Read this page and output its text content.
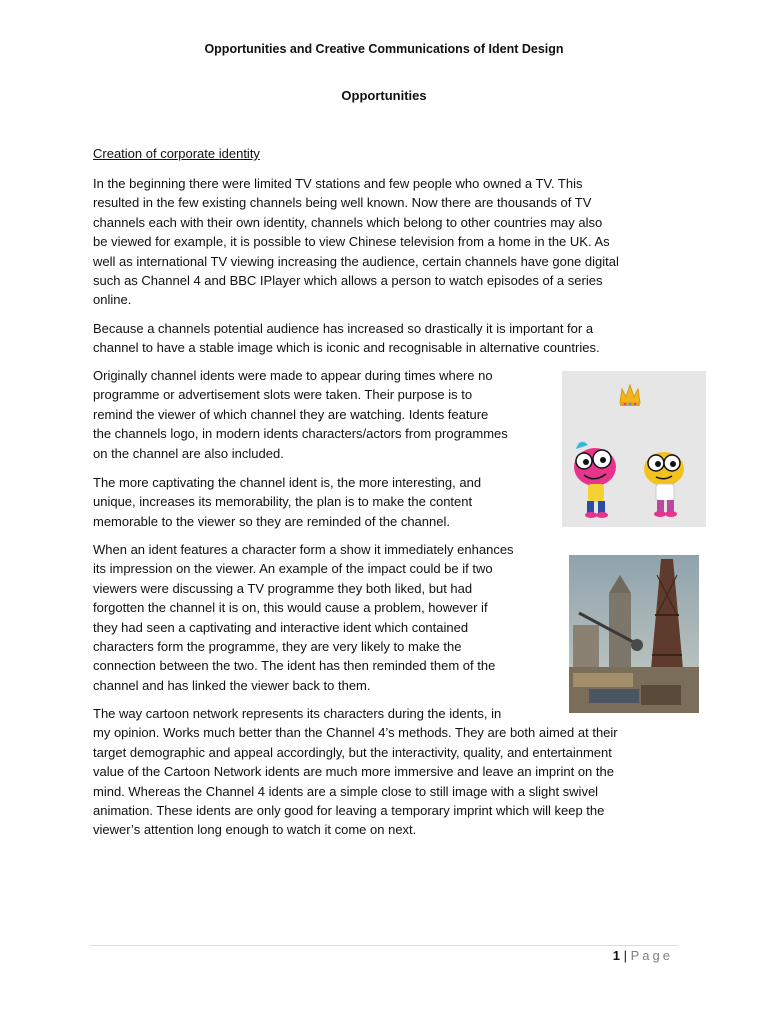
Opportunities and Creative Communications of Ident Design
Opportunities
Creation of corporate identity

In the beginning there were limited TV stations and few people who owned a TV. This
resulted in the few existing channels being well known. Now there are thousands of TV
channels each with their own identity, channels which belong to other countries may also
be viewed for example, it is possible to view Chinese television from a home in the UK. As
well as international TV viewing increasing the audience, certain channels have gone digital
such as Channel 4 and BBC IPlayer which allows a person to watch episodes of a series
online.

Because a channels potential audience has increased so drastically it is important for a
channel to have a stable image which is iconic and recognisable in alternative countries.

Originally channel idents were made to appear during times where no
programme or advertisement slots were taken. Their purpose is to
remind the viewer of which channel they are watching. Idents feature
the channels logo, in modern idents characters/actors from programmes
on the channel are also included.

The more captivating the channel ident is, the more interesting, and
unique, increases its memorability, the plan is to make the content
memorable to the viewer so they are reminded of the channel.

When an ident features a character form a show it immediately enhances
its impression on the viewer. An example of the impact could be if two
viewers were discussing a TV programme they both liked, but had
forgotten the channel it is on, this would cause a problem, however if
they had seen a captivating and interactive ident which contained
characters form the programme, they are very likely to make the
connection between the two. The ident has then reminded them of the
channel and has linked the viewer back to them.

The way cartoon network represents its characters during the idents, in
my opinion. Works much better than the Channel 4’s methods. They are both aimed at their
target demographic and appeal accordingly, but the interactivity, quality, and entertainment
value of the Cartoon Network idents are much more immersive and leave an imprint on the
mind. Whereas the Channel 4 idents are a simple close to still image with a slight swivel
animation. These idents are only good for leaving a temporary imprint which will keep the
viewer’s attention long enough to watch it come on next.

1 | Page
